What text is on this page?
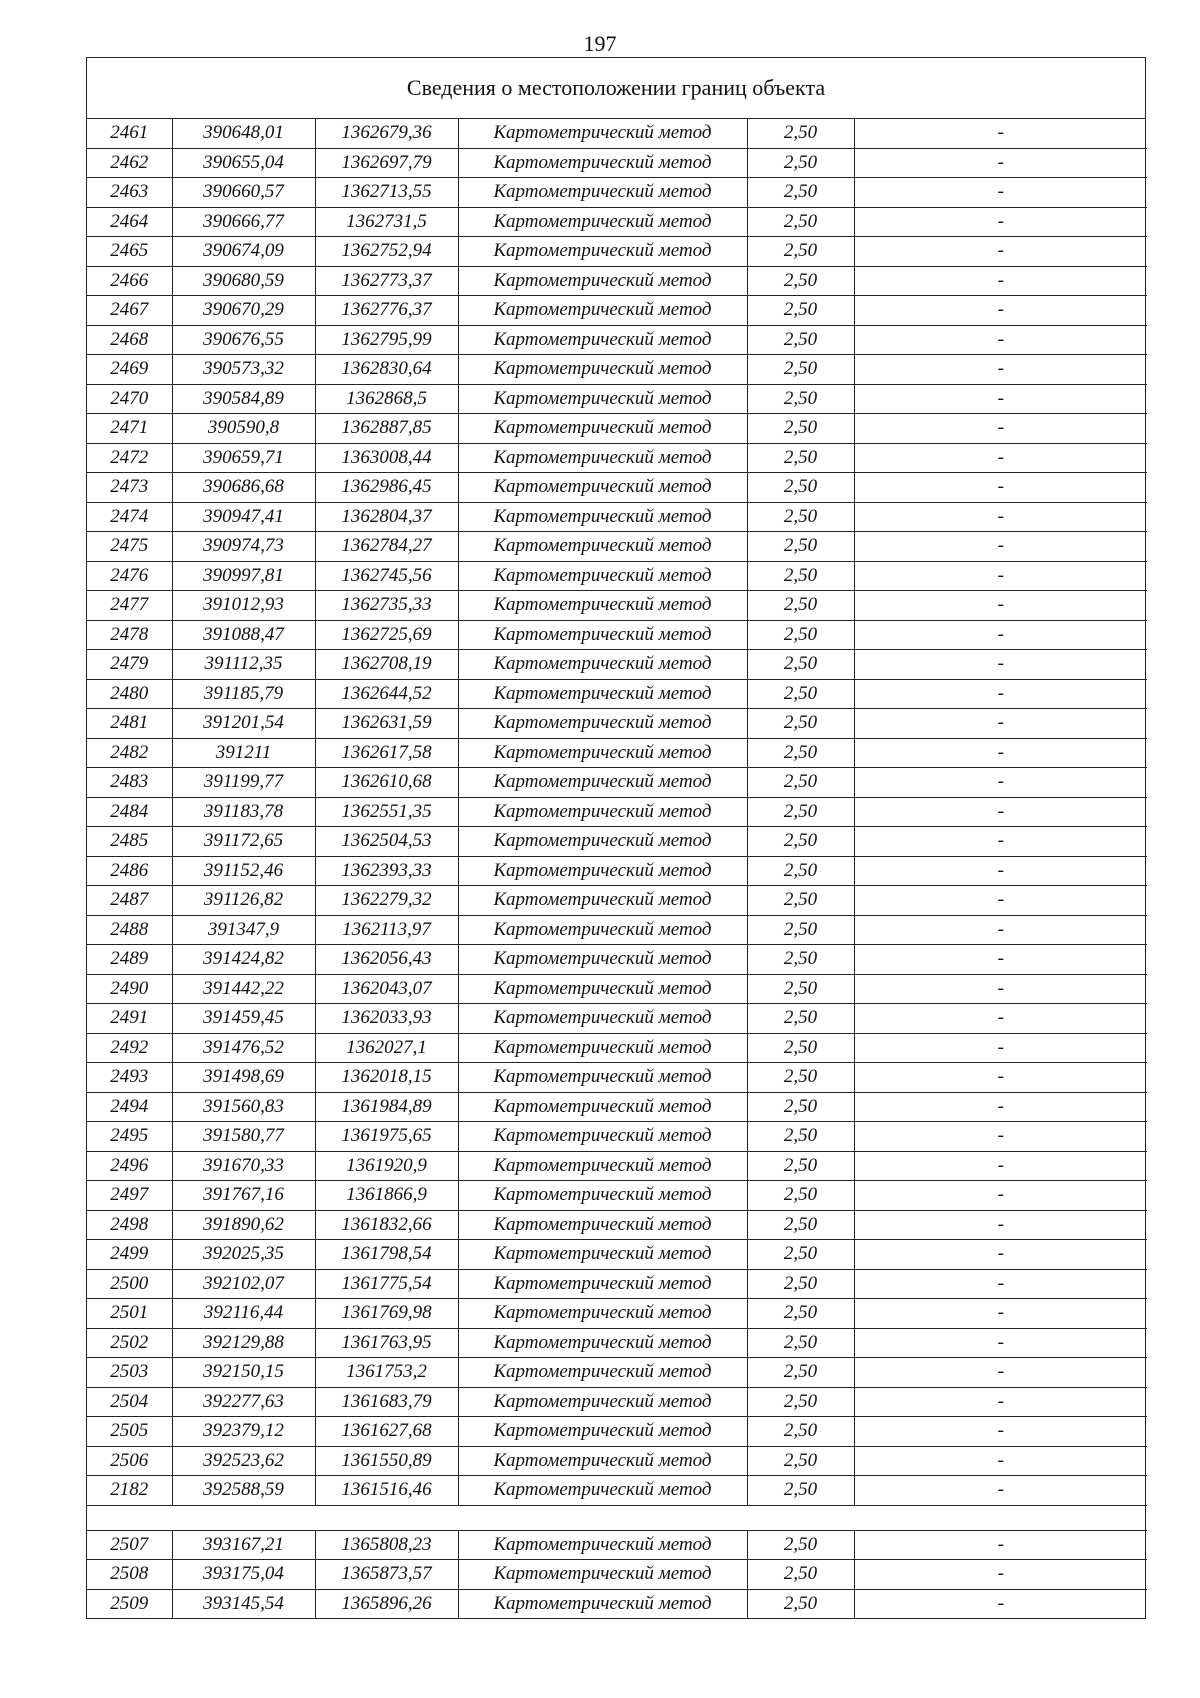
197
Сведения о местоположении границ объекта
2461	390648,01	1362679,36	Картометрический метод	2,50	-
2462	390655,04	1362697,79	Картометрический метод	2,50	-
2463	390660,57	1362713,55	Картометрический метод	2,50	-
2464	390666,77	1362731,5	Картометрический метод	2,50	-
2465	390674,09	1362752,94	Картометрический метод	2,50	-
2466	390680,59	1362773,37	Картометрический метод	2,50	-
2467	390670,29	1362776,37	Картометрический метод	2,50	-
2468	390676,55	1362795,99	Картометрический метод	2,50	-
2469	390573,32	1362830,64	Картометрический метод	2,50	-
2470	390584,89	1362868,5	Картометрический метод	2,50	-
2471	390590,8	1362887,85	Картометрический метод	2,50	-
2472	390659,71	1363008,44	Картометрический метод	2,50	-
2473	390686,68	1362986,45	Картометрический метод	2,50	-
2474	390947,41	1362804,37	Картометрический метод	2,50	-
2475	390974,73	1362784,27	Картометрический метод	2,50	-
2476	390997,81	1362745,56	Картометрический метод	2,50	-
2477	391012,93	1362735,33	Картометрический метод	2,50	-
2478	391088,47	1362725,69	Картометрический метод	2,50	-
2479	391112,35	1362708,19	Картометрический метод	2,50	-
2480	391185,79	1362644,52	Картометрический метод	2,50	-
2481	391201,54	1362631,59	Картометрический метод	2,50	-
2482	391211	1362617,58	Картометрический метод	2,50	-
2483	391199,77	1362610,68	Картометрический метод	2,50	-
2484	391183,78	1362551,35	Картометрический метод	2,50	-
2485	391172,65	1362504,53	Картометрический метод	2,50	-
2486	391152,46	1362393,33	Картометрический метод	2,50	-
2487	391126,82	1362279,32	Картометрический метод	2,50	-
2488	391347,9	1362113,97	Картометрический метод	2,50	-
2489	391424,82	1362056,43	Картометрический метод	2,50	-
2490	391442,22	1362043,07	Картометрический метод	2,50	-
2491	391459,45	1362033,93	Картометрический метод	2,50	-
2492	391476,52	1362027,1	Картометрический метод	2,50	-
2493	391498,69	1362018,15	Картометрический метод	2,50	-
2494	391560,83	1361984,89	Картометрический метод	2,50	-
2495	391580,77	1361975,65	Картометрический метод	2,50	-
2496	391670,33	1361920,9	Картометрический метод	2,50	-
2497	391767,16	1361866,9	Картометрический метод	2,50	-
2498	391890,62	1361832,66	Картометрический метод	2,50	-
2499	392025,35	1361798,54	Картометрический метод	2,50	-
2500	392102,07	1361775,54	Картометрический метод	2,50	-
2501	392116,44	1361769,98	Картометрический метод	2,50	-
2502	392129,88	1361763,95	Картометрический метод	2,50	-
2503	392150,15	1361753,2	Картометрический метод	2,50	-
2504	392277,63	1361683,79	Картометрический метод	2,50	-
2505	392379,12	1361627,68	Картометрический метод	2,50	-
2506	392523,62	1361550,89	Картометрический метод	2,50	-
2182	392588,59	1361516,46	Картометрический метод	2,50	-

2507	393167,21	1365808,23	Картометрический метод	2,50	-
2508	393175,04	1365873,57	Картометрический метод	2,50	-
2509	393145,54	1365896,26	Картометрический метод	2,50	-
